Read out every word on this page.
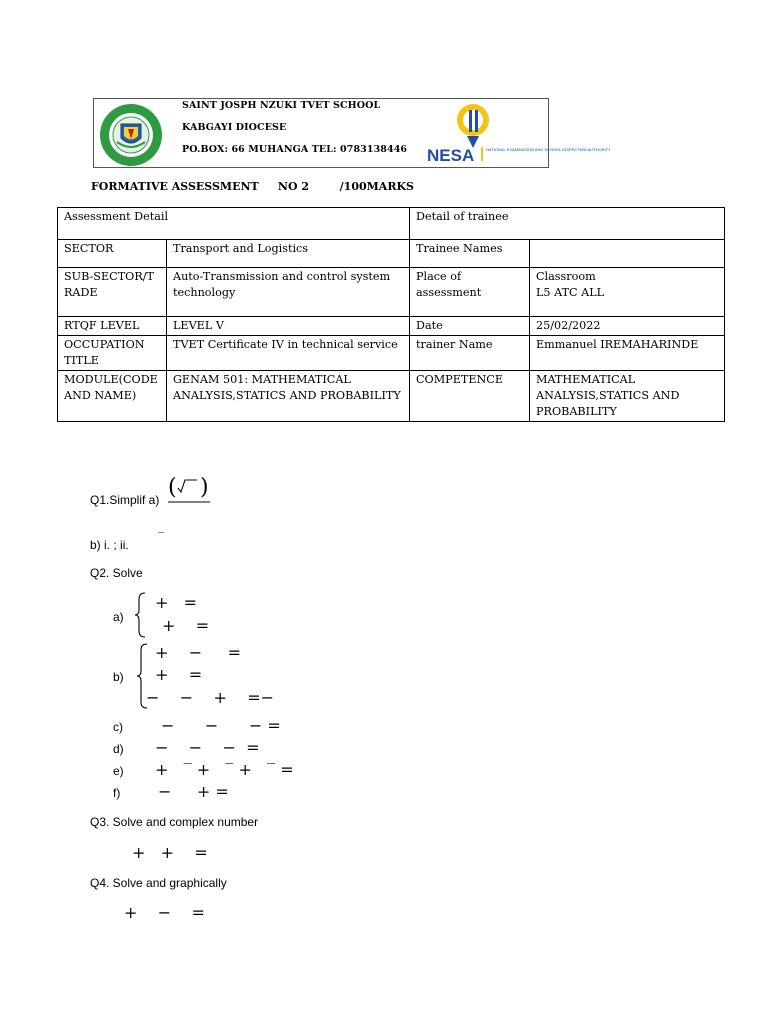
SAINT JOSPH NZUKI TVET SCHOOL
KABGAYI DIOCESE
PO.BOX: 66 MUHANGA TEL: 0783138446 NESA	NATIONAL EXAMINATION AND SCHOOL INSPECTION AUTHORITY
FORMATIVE ASSESSMENT NO 2	/100MARKS
Assessment Detail		Detail of trainee	
SECTOR	Transport and Logistics	Trainee Names	
SUB-SECTOR/TRADE	Auto-Transmission and control system technology	Place of assessment	Classroom
L5 ATC ALL
RTQF LEVEL	LEVEL V	Date	25/02/2022
OCCUPATION TITLE	TVET Certificate IV in technical service	trainer Name	Emmanuel IREMAHARINDE
MODULE(CODE AND NAME)	GENAM 501: MATHEMATICAL ANALYSIS,STATICS AND PROBABILITY	COMPETENCE	MATHEMATICAL ANALYSIS,STATICS AND PROBABILITY
Q1.Simplif a) ( )
b) i. ; ii.
‾
Q2. Solve
a)
+   =
+    =
b)
+    −     =
+    =
−    −    +    =−
c) −      −      − =
d) −    −    −  =
e) +   ‾ +   ‾ +   ‾ =
f) −     + =
Q3. Solve and complex number
+   +    =
Q4. Solve and graphically
+    −    =
